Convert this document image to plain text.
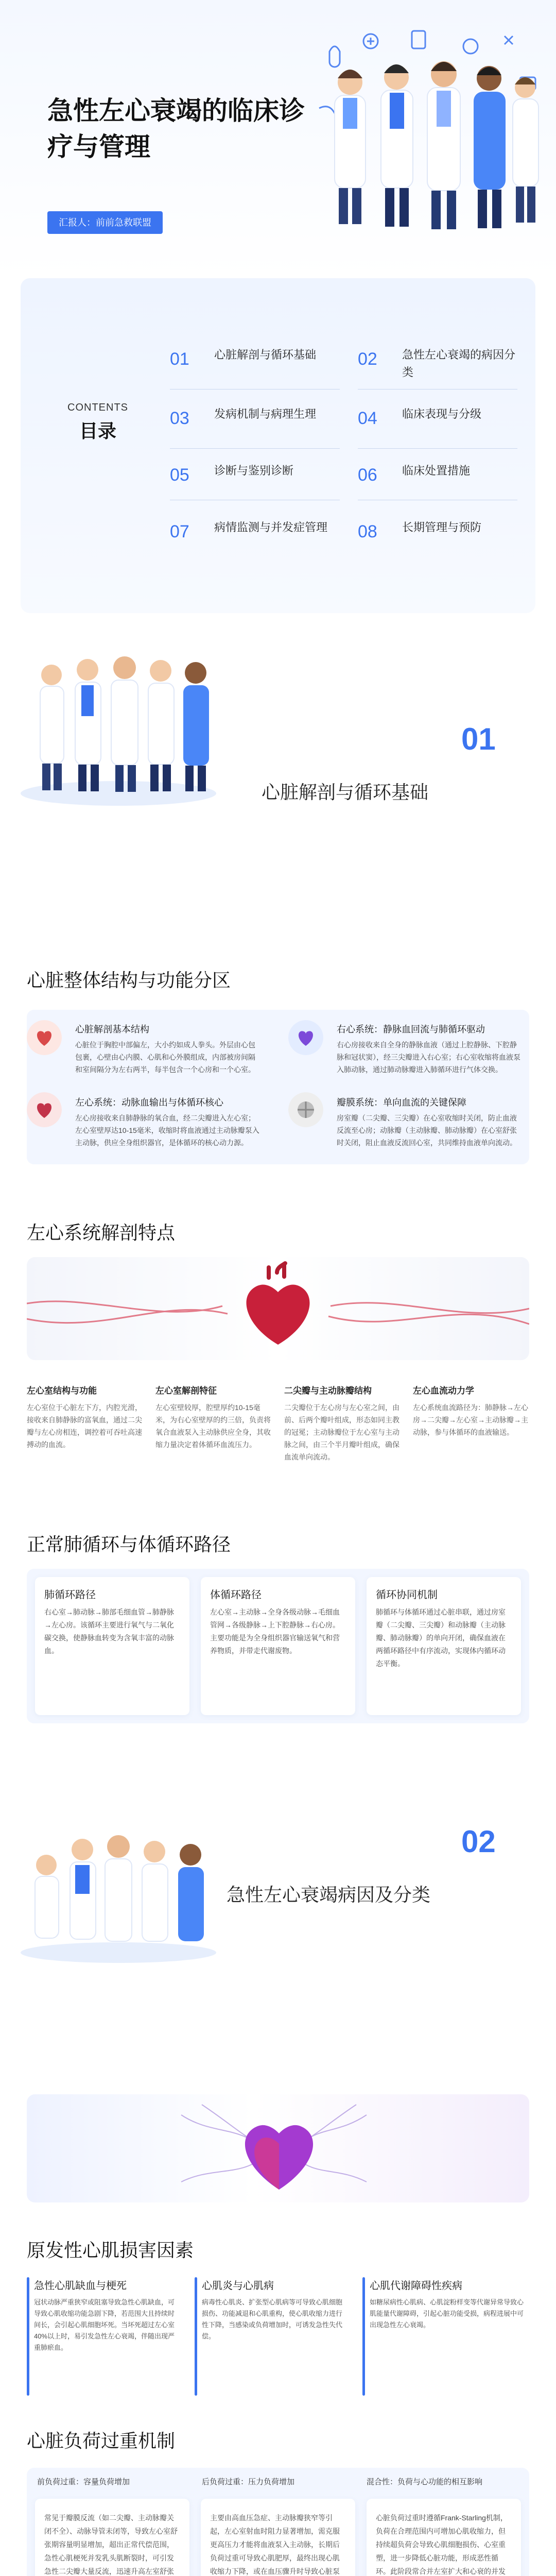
急性左心衰竭的临床诊疗与管理
汇报人：前前急救联盟
CONTENTS
目录
01 心脏解剖与循环基础	02 急性左心衰竭的病因分类
03 发病机制与病理生理	04 临床表现与分级
05 诊断与鉴别诊断	06 临床处置措施
07 病情监测与并发症管理	08 长期管理与预防
01
心脏解剖与循环基础
心脏整体结构与功能分区
心脏解剖基本结构
心脏位于胸腔中部偏左，大小约如成人拳头。外层由心包包裹，心壁由心内膜、心肌和心外膜组成，内部被房间隔和室间隔分为左右两半，每半包含一个心房和一个心室。
右心系统：静脉血回流与肺循环驱动
右心房接收来自全身的静脉血液（通过上腔静脉、下腔静脉和冠状窦），经三尖瓣进入右心室；右心室收缩将血液泵入肺动脉，通过肺动脉瓣进入肺循环进行气体交换。
左心系统：动脉血输出与体循环核心
左心房接收来自肺静脉的氧合血，经二尖瓣进入左心室；左心室壁厚达10-15毫米，收缩时将血液通过主动脉瓣泵入主动脉，供应全身组织器官，是体循环的核心动力源。
瓣膜系统：单向血流的关键保障
房室瓣（二尖瓣、三尖瓣）在心室收缩时关闭，防止血液反流至心房；动脉瓣（主动脉瓣、肺动脉瓣）在心室舒张时关闭，阻止血液反流回心室，共同维持血液单向流动。
左心系统解剖特点
左心室结构与功能
左心室位于心脏左下方，内腔光滑，接收来自肺静脉的富氧血，通过二尖瓣与左心房相连，调控着可吞吐高速搏动的血流。
左心室解剖特征
左心室壁较厚，腔壁厚约10-15毫米，为右心室壁厚的约三倍，负责将氧合血液泵入主动脉供应全身，其收缩力量决定着体循环血流压力。
二尖瓣与主动脉瓣结构
二尖瓣位于左心房与左心室之间，由前、后两个瓣叶组成，形态如同主教的冠冕；主动脉瓣位于左心室与主动脉之间，由三个半月瓣叶组成，确保血流单向流动。
左心血流动力学
左心系统血流路径为：肺静脉→左心房→二尖瓣→左心室→主动脉瓣→主动脉，参与体循环的血液输送。
正常肺循环与体循环路径
肺循环路径
右心室→肺动脉→肺部毛细血管→肺静脉→左心房。该循环主要进行氧气与二氧化碳交换，使静脉血转变为含氧丰富的动脉血。
体循环路径
左心室→主动脉→全身各级动脉→毛细血管网→各级静脉→上下腔静脉→右心房。主要功能是为全身组织器官输送氧气和营养物质，并带走代谢废物。
循环协同机制
肺循环与体循环通过心脏串联，通过房室瓣（二尖瓣、三尖瓣）和动脉瓣（主动脉瓣、肺动脉瓣）的单向开闭，确保血液在两循环路径中有序流动，实现体内循环动态平衡。
02
急性左心衰竭病因及分类
原发性心肌损害因素
急性心肌缺血与梗死
冠状动脉严重狭窄或阻塞导致急性心肌缺血，可导致心肌收缩功能急剧下降，若范围大且持续时间长，会引起心肌细胞坏死。当坏死超过左心室40%以上时，易引发急性左心衰竭，伴随出现严重肺瘀血。
心肌炎与心肌病
病毒性心肌炎、扩张型心肌病等可导致心肌细胞损伤、功能减退和心肌重构，使心肌收缩力进行性下降，当感染或负荷增加时，可诱发急性失代偿。
心肌代谢障碍性疾病
如糖尿病性心肌病、心肌淀粉样变等代谢异常导致心肌能量代谢障碍，引起心脏功能受损，病程进展中可出现急性左心衰竭。
心脏负荷过重机制
前负荷过重：容量负荷增加	后负荷过重：压力负荷增加	混合性：负荷与心功能的相互影响
常见于瓣膜反流（如二尖瓣、主动脉瓣关闭不全）、动脉导管未闭等，导致左心室舒张期容量明显增加，超出正常代偿范围，急性心肌梗死并发乳头肌断裂时，可引发急性二尖瓣大量反流，迅速升高左室舒张
主要由高血压急症、主动脉瓣狭窄等引起，左心室射血时阻力显著增加，需克服更高压力才能将血液泵入主动脉，长期后负荷过重可导致心肌肥厚，最终出现心肌收缩力下降，或在血压骤升时导致心脏泵
心脏负荷过重时遵循Frank-Starling机制，负荷在合理范围内可增加心肌收缩力，但持续超负荷会导致心肌细胞损伤、心室重塑，进一步降低心脏功能，形成恶性循环。此阶段常合并左室扩大和心衰的并发
